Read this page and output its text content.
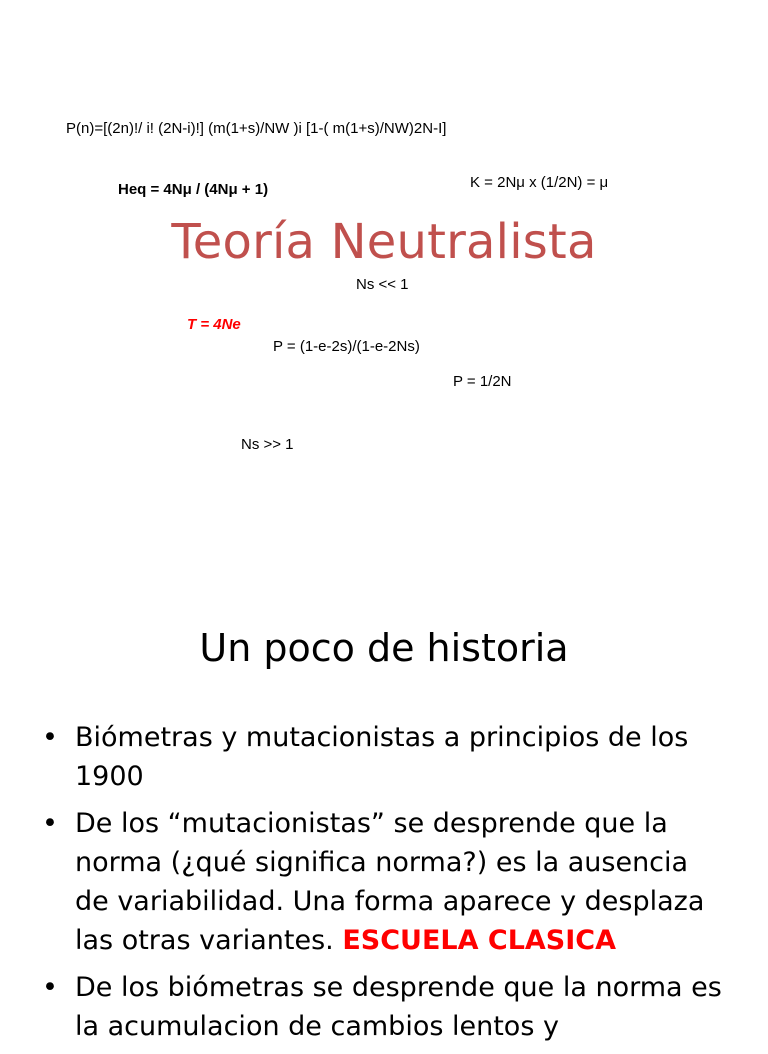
P(n)=[(2n)!/ i! (2N-i)!] (m(1+s)/NW )i [1-( m(1+s)/NW)2N-I]
Heq = 4Nμ / (4Nμ + 1)	K = 2Nμ x (1/2N) = μ
Teoría Neutralista
Ns << 1
T = 4Ne
P = (1-e-2s)/(1-e-2Ns)
P = 1/2N
Ns >> 1
Un poco de historia
• Biómetras y mutacionistas a principios de los 1900
• De los “mutacionistas” se desprende que la norma (¿qué significa norma?) es la ausencia de variabilidad. Una forma aparece y desplaza las otras variantes. ESCUELA CLASICA
• De los biómetras se desprende que la norma es la acumulacion de cambios lentos y
